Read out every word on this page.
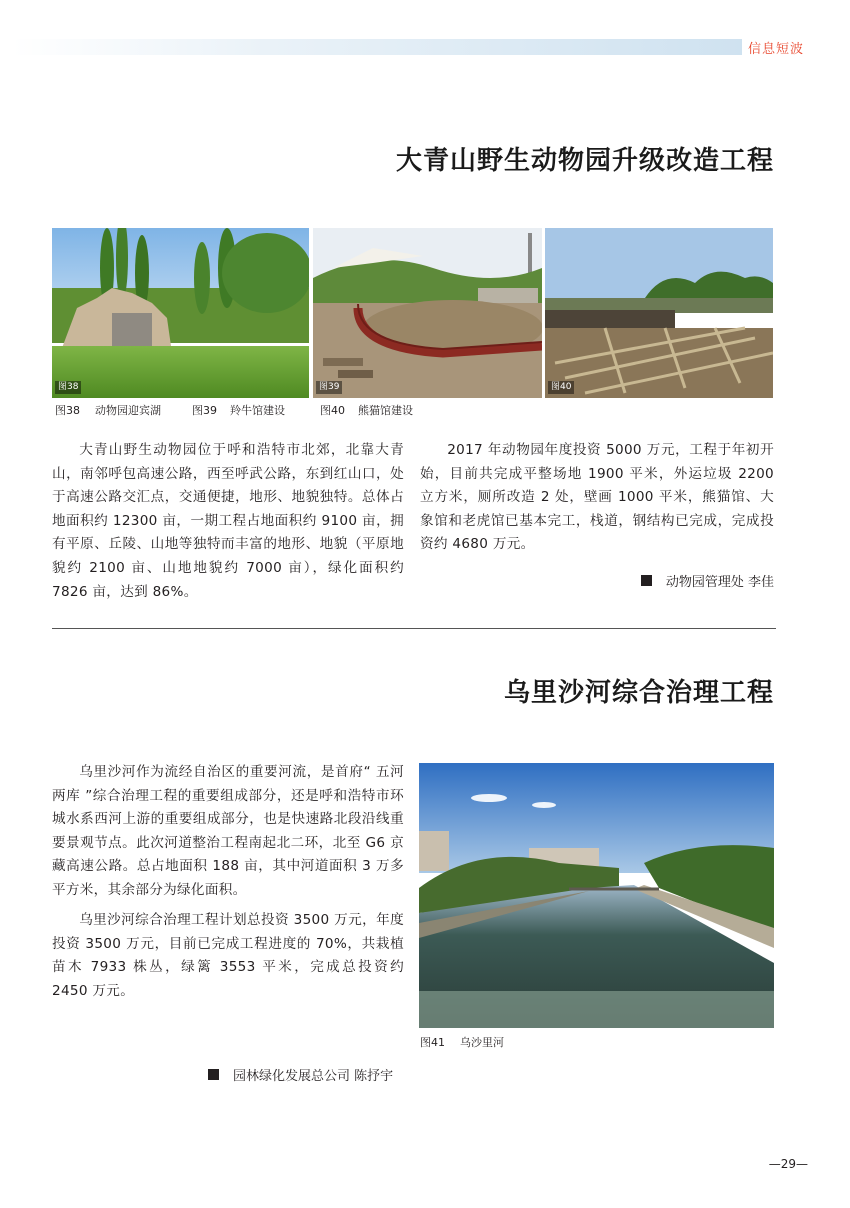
信息短波
大青山野生动物园升级改造工程
图38	图39	图40
图38 动物园迎宾湖	图39 羚牛馆建设	图40 熊猫馆建设

大青山野生动物园位于呼和浩特市北郊，北靠大青山，南邻呼包高速公路，西至呼武公路，东到红山口，处于高速公路交汇点，交通便捷，地形、地貌独特。总体占地面积约 12300 亩，一期工程占地面积约 9100 亩，拥有平原、丘陵、山地等独特而丰富的地形、地貌（平原地貌约 2100 亩、山地地貌约 7000 亩），绿化面积约 7826 亩，达到 86%。

2017 年动物园年度投资 5000 万元，工程于年初开始，目前共完成平整场地 1900 平米，外运垃圾 2200 立方米，厕所改造 2 处，壁画 1000 平米，熊猫馆、大象馆和老虎馆已基本完工，栈道，钢结构已完成，完成投资约 4680 万元。

动物园管理处 李佳
乌里沙河综合治理工程

乌里沙河作为流经自治区的重要河流，是首府“ 五河两库 ”综合治理工程的重要组成部分，还是呼和浩特市环城水系西河上游的重要组成部分，也是快速路北段沿线重要景观节点。此次河道整治工程南起北二环，北至 G6 京藏高速公路。总占地面积 188 亩，其中河道面积 3 万多平方米，其余部分为绿化面积。

乌里沙河综合治理工程计划总投资 3500 万元，年度投资 3500 万元，目前已完成工程进度的 70%，共栽植苗木 7933 株丛，绿篱 3553 平米，完成总投资约 2450 万元。

图41 乌沙里河
园林绿化发展总公司 陈抒宇
—29—
